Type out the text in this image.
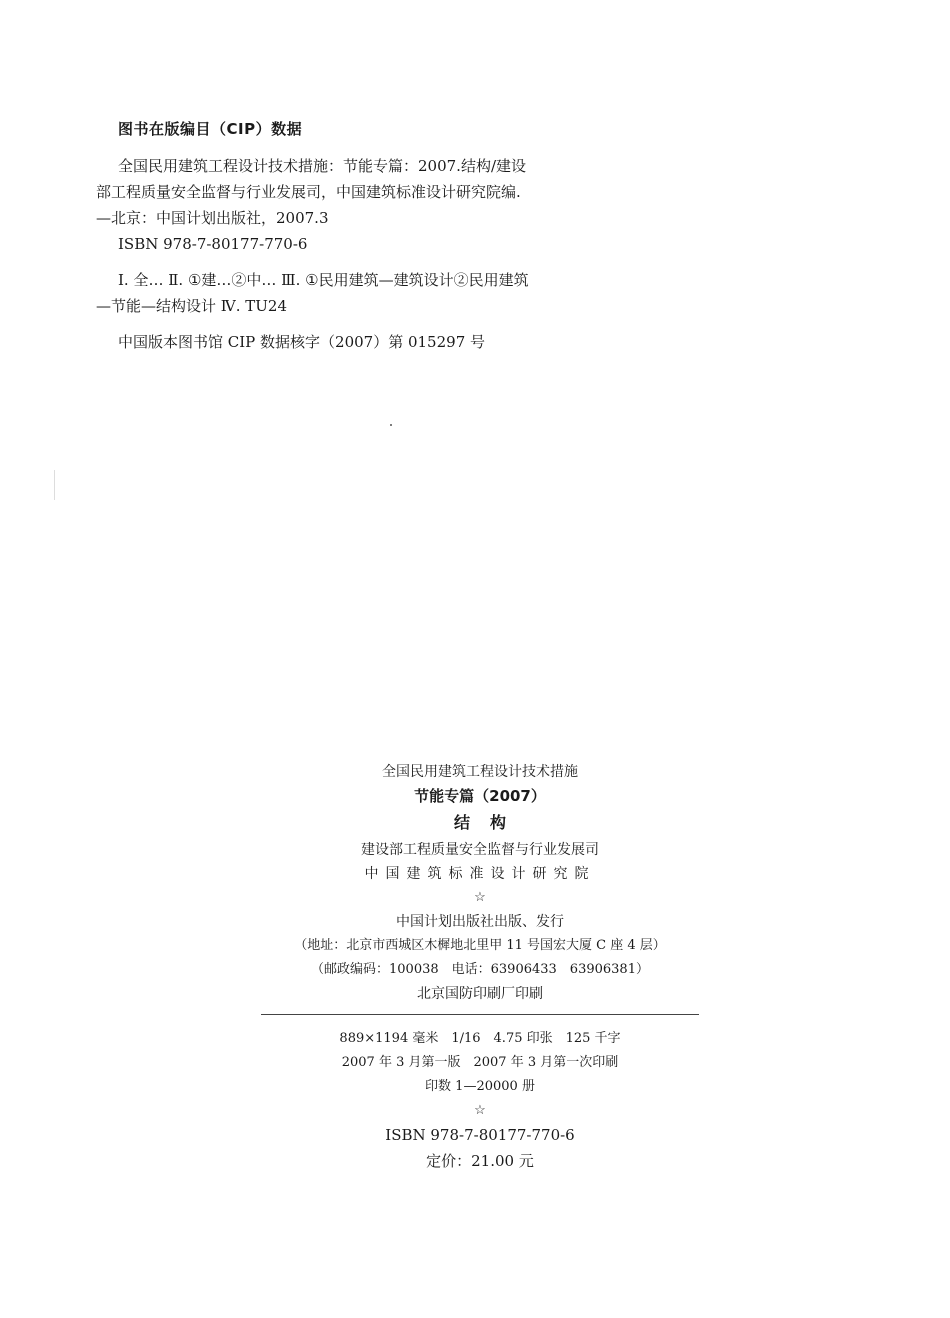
图书在版编目（CIP）数据

全国民用建筑工程设计技术措施：节能专篇：2007.结构/建设部工程质量安全监督与行业发展司，中国建筑标准设计研究院编. —北京：中国计划出版社，2007.3

ISBN 978-7-80177-770-6

Ⅰ. 全… Ⅱ. ①建…②中… Ⅲ. ①民用建筑—建筑设计②民用建筑—节能—结构设计 Ⅳ. TU24

中国版本图书馆 CIP 数据核字（2007）第 015297 号

全国民用建筑工程设计技术措施
节能专篇（2007）
结构
建设部工程质量安全监督与行业发展司
中国建筑标准设计研究院
☆
中国计划出版社出版、发行
（地址：北京市西城区木樨地北里甲 11 号国宏大厦 C 座 4 层）
（邮政编码：100038　电话：63906433　63906381）
北京国防印刷厂印刷
889×1194 毫米　1/16　4.75 印张　125 千字
2007 年 3 月第一版　2007 年 3 月第一次印刷
印数 1—20000 册
☆
ISBN 978-7-80177-770-6
定价：21.00 元
